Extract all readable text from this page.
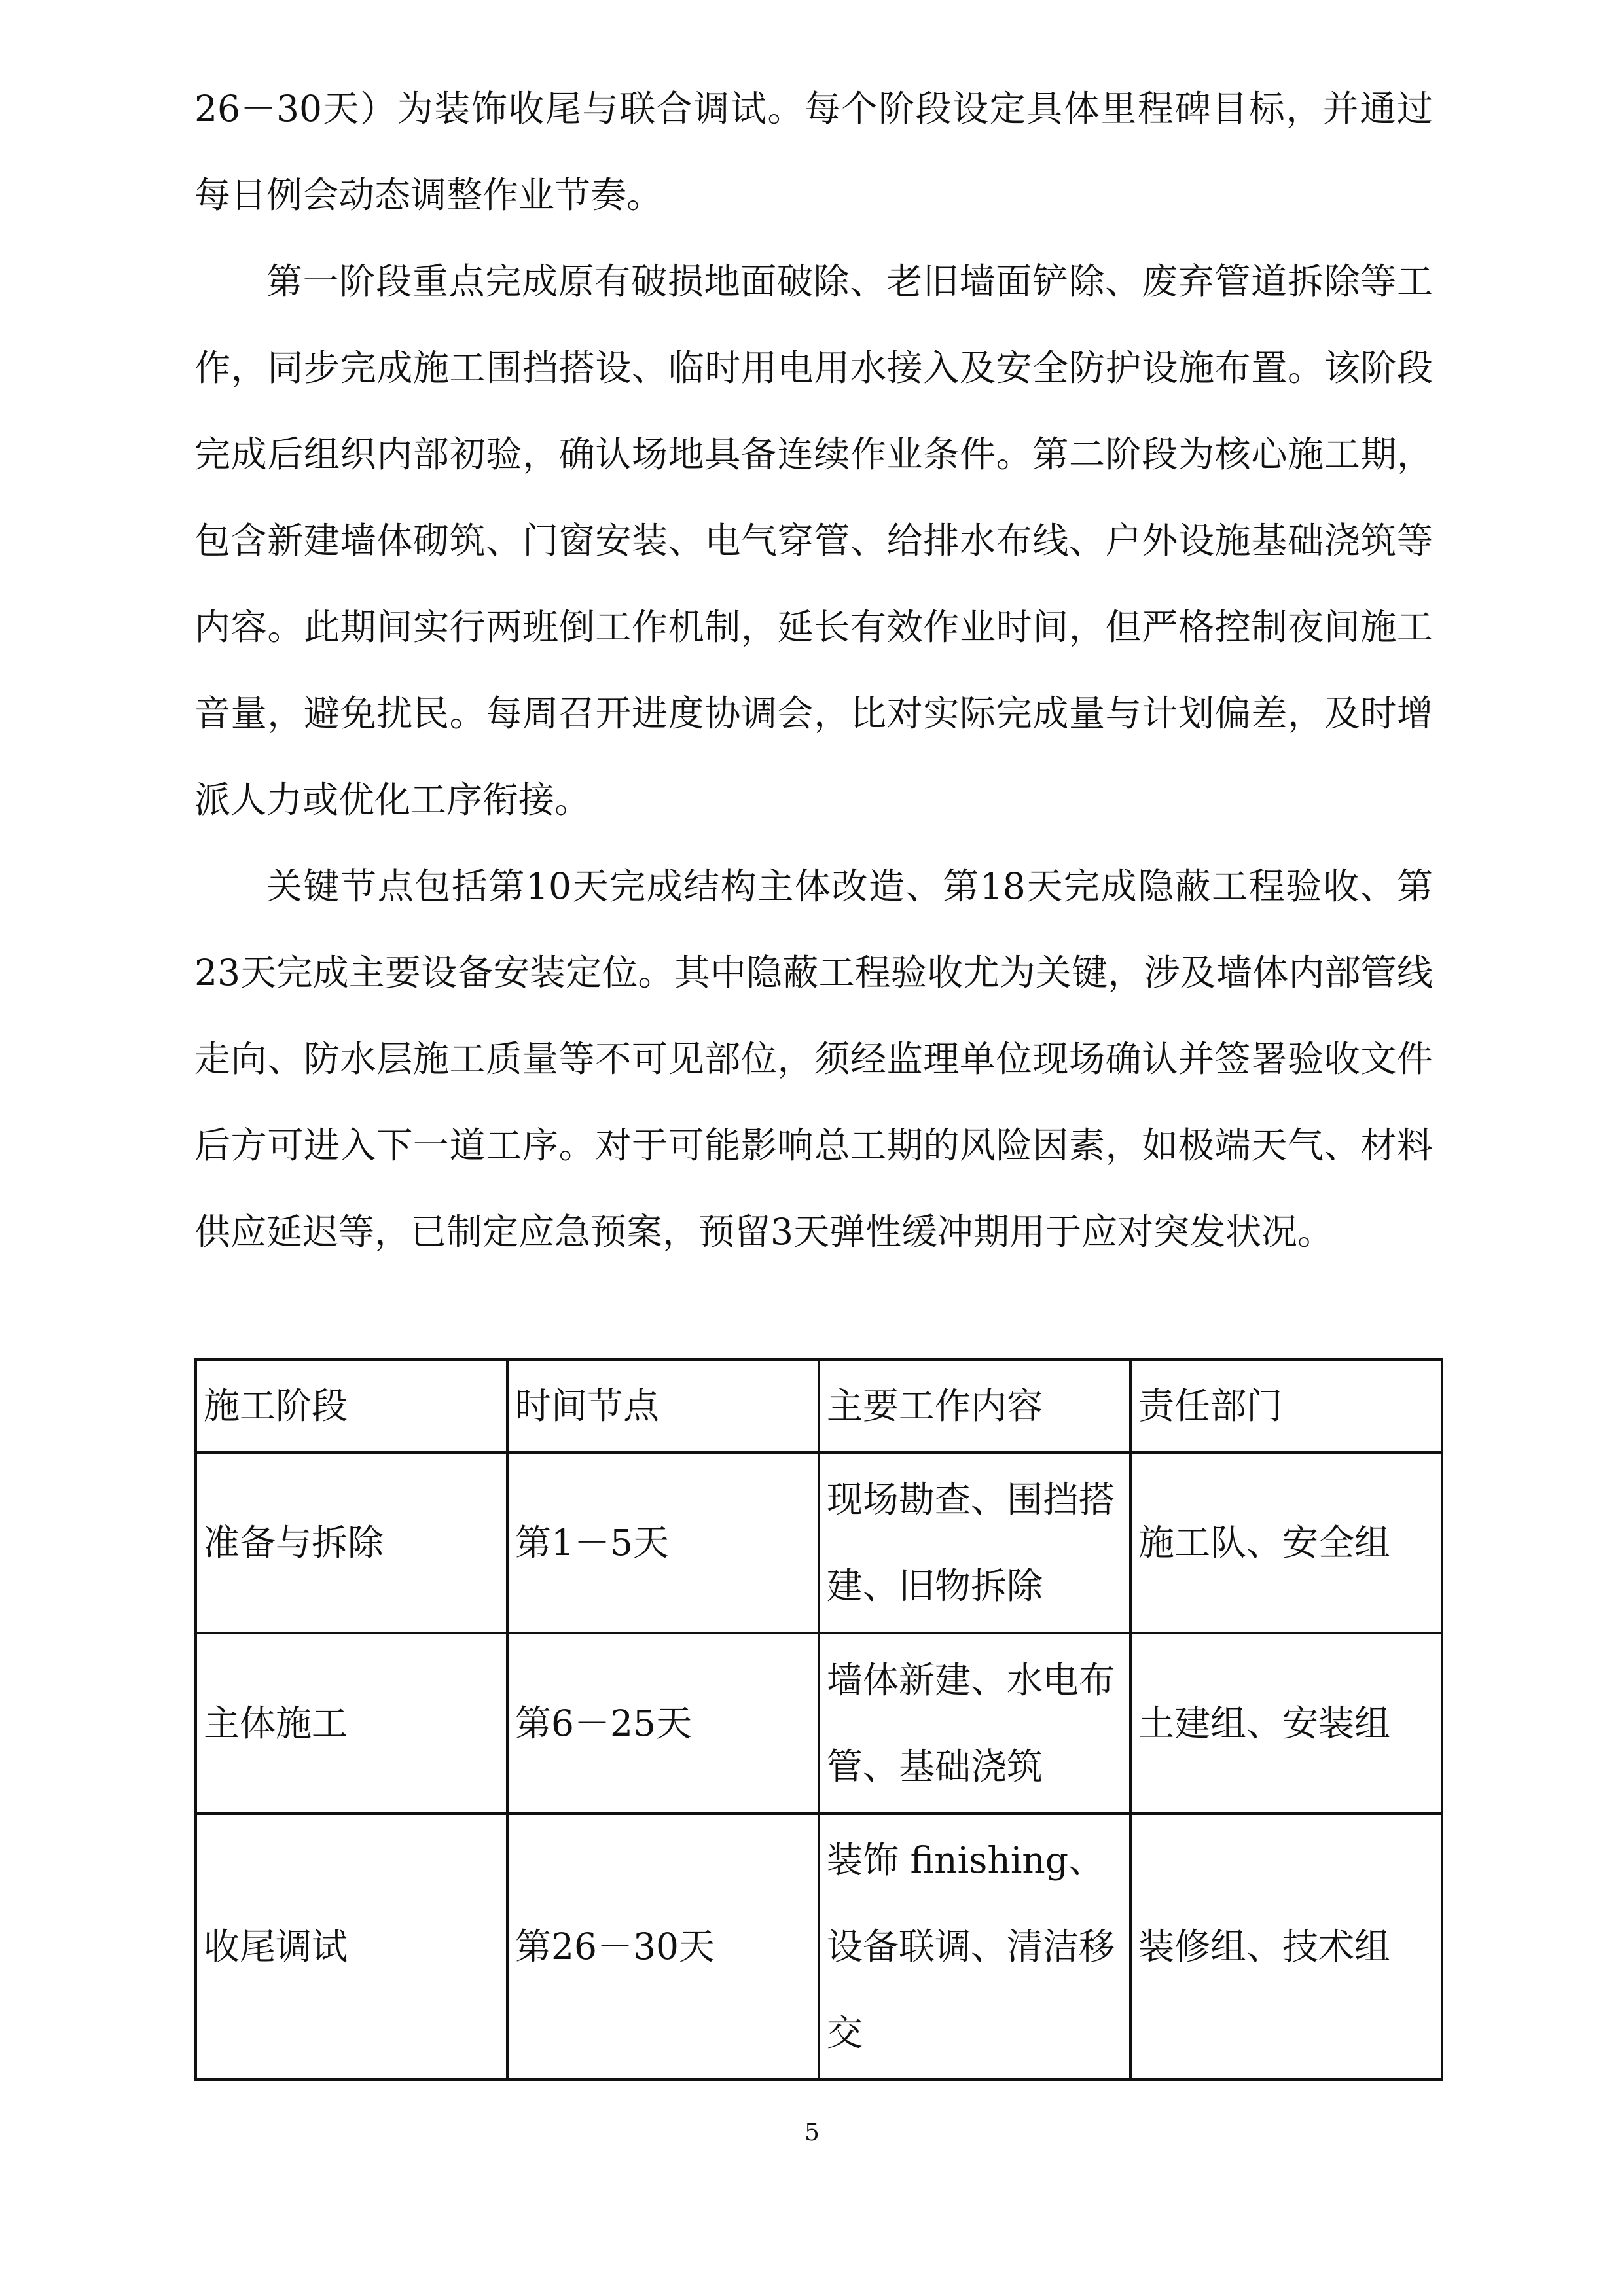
26－30天）为装饰收尾与联合调试。每个阶段设定具体里程碑目标，并通过每日例会动态调整作业节奏。

第一阶段重点完成原有破损地面破除、老旧墙面铲除、废弃管道拆除等工作，同步完成施工围挡搭设、临时用电用水接入及安全防护设施布置。该阶段完成后组织内部初验，确认场地具备连续作业条件。第二阶段为核心施工期，包含新建墙体砌筑、门窗安装、电气穿管、给排水布线、户外设施基础浇筑等内容。此期间实行两班倒工作机制，延长有效作业时间，但严格控制夜间施工音量，避免扰民。每周召开进度协调会，比对实际完成量与计划偏差，及时增派人力或优化工序衔接。

关键节点包括第10天完成结构主体改造、第18天完成隐蔽工程验收、第23天完成主要设备安装定位。其中隐蔽工程验收尤为关键，涉及墙体内部管线走向、防水层施工质量等不可见部位，须经监理单位现场确认并签署验收文件后方可进入下一道工序。对于可能影响总工期的风险因素，如极端天气、材料供应延迟等，已制定应急预案，预留3天弹性缓冲期用于应对突发状况。

施工阶段	时间节点	主要工作内容	责任部门
准备与拆除	第1－5天	现场勘查、围挡搭建、旧物拆除	施工队、安全组
主体施工	第6－25天	墙体新建、水电布管、基础浇筑	土建组、安装组
收尾调试	第26－30天	装饰 finishing、设备联调、清洁移交	装修组、技术组
5
